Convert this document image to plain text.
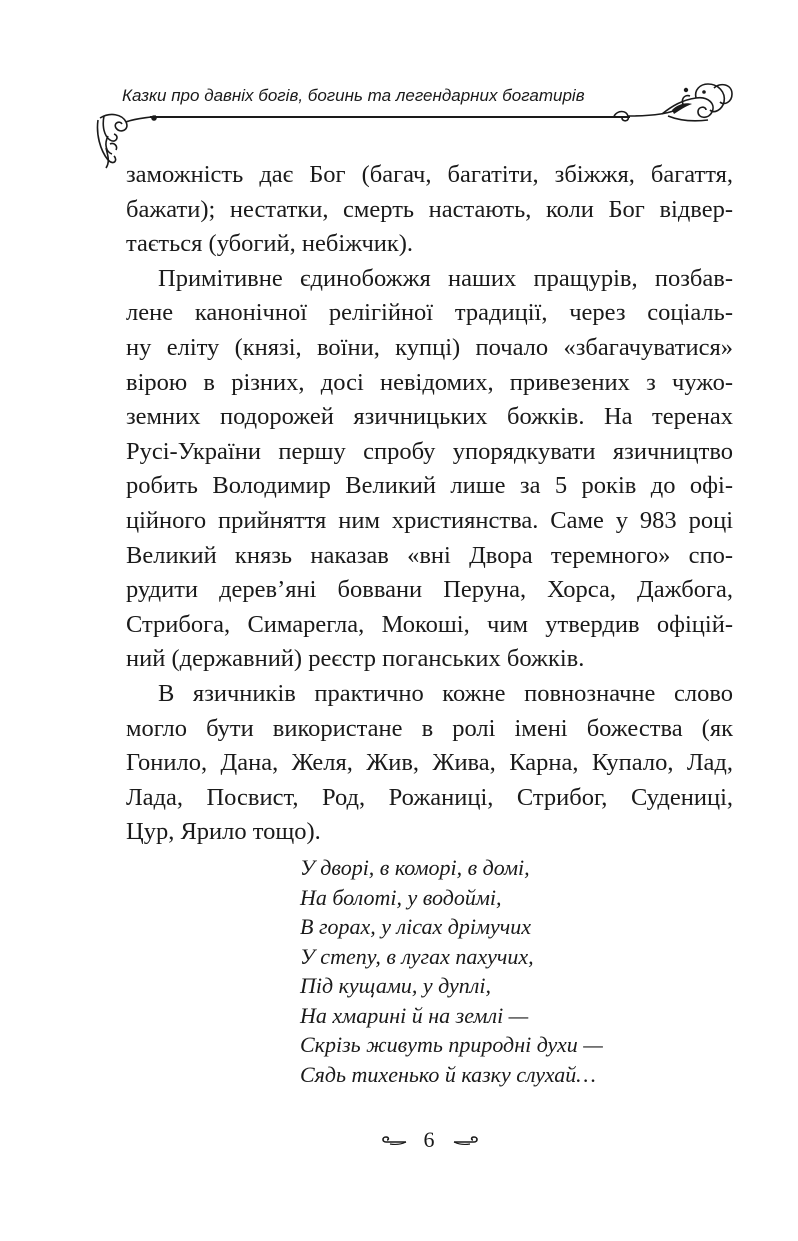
Казки про давніх богів, богинь та легендарних богатирів

заможність дає Бог (багач, багатіти, збіжжя, багаття,
бажати); нестатки, смерть настають, коли Бог відвер-
тається (убогий, небіжчик).

Примітивне єдинобожжя наших пращурів, позбав-
лене канонічної релігійної традиції, через соціаль-
ну еліту (князі, воїни, купці) почало «збагачуватися»
вірою в різних, досі невідомих, привезених з чужо-
земних подорожей язичницьких божків. На теренах
Русі-України першу спробу упорядкувати язичництво
робить Володимир Великий лише за 5 років до офі-
ційного прийняття ним християнства. Саме у 983 році
Великий князь наказав «вні Двора теремного» спо-
рудити дерев’яні боввани Перуна, Хорса, Дажбога,
Стрибога, Симарегла, Мокоші, чим утвердив офіцій-
ний (державний) реєстр поганських божків.

В язичників практично кожне повнозначне слово
могло бути використане в ролі імені божества (як
Гонило, Дана, Желя, Жив, Жива, Карна, Купало, Лад,
Лада, Посвист, Род, Рожаниці, Стрибог, Судениці,
Цур, Ярило тощо).

У дворі, в коморі, в домі,
На болоті, у водоймі,
В горах, у лісах дрімучих
У степу, в лугах пахучих,
Під кущами, у дуплі,
На хмарині й на землі —
Скрізь живуть природні духи —
Сядь тихенько й казку слухай…
6
